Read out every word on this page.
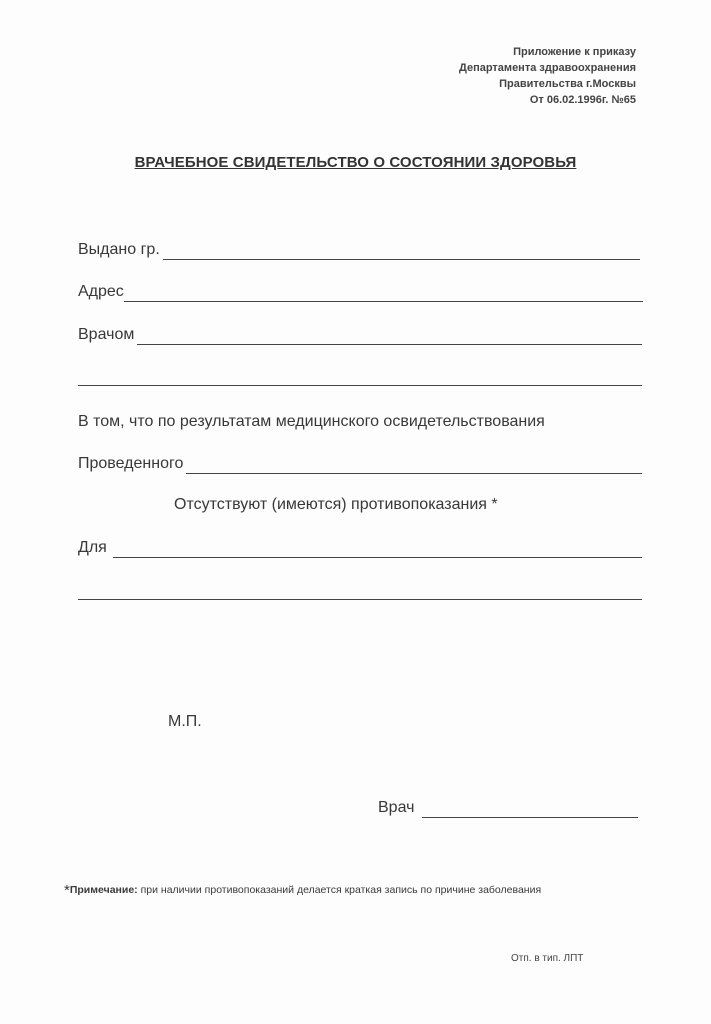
Приложение к приказу
Департамента здравоохранения
Правительства г.Москвы
От 06.02.1996г. №65
ВРАЧЕБНОЕ СВИДЕТЕЛЬСТВО О СОСТОЯНИИ ЗДОРОВЬЯ
Выдано гр.
Адрес
Врачом
В том, что по результатам медицинского освидетельствования
Проведенного
Отсутствуют (имеются) противопоказания *
Для
М.П.
Врач
*Примечание: при наличии противопоказаний делается краткая запись по причине заболевания
Отп. в тип. ЛПТ
